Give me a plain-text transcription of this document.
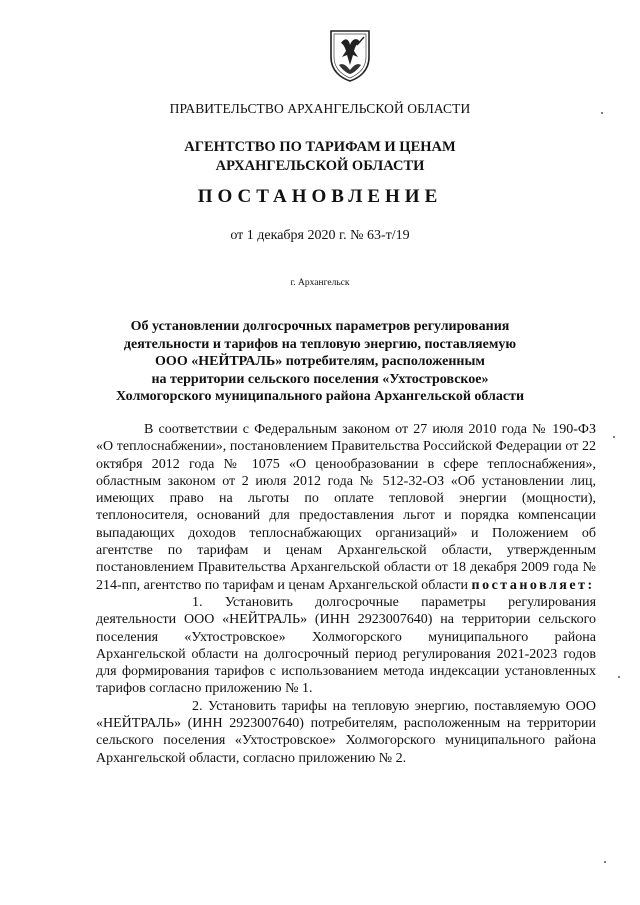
ПРАВИТЕЛЬСТВО АРХАНГЕЛЬСКОЙ ОБЛАСТИ
АГЕНТСТВО ПО ТАРИФАМ И ЦЕНАМ
АРХАНГЕЛЬСКОЙ ОБЛАСТИ
ПОСТАНОВЛЕНИЕ
от 1 декабря 2020 г. № 63-т/19
г. Архангельск
Об установлении долгосрочных параметров регулирования
деятельности и тарифов на тепловую энергию, поставляемую
ООО «НЕЙТРАЛЬ» потребителям, расположенным
на территории сельского поселения «Ухтостровское»
Холмогорского муниципального района Архангельской области

В соответствии с Федеральным законом от 27 июля 2010 года № 190-ФЗ «О теплоснабжении», постановлением Правительства Российской Федерации от 22 октября 2012 года № 1075 «О ценообразовании в сфере теплоснабжения», областным законом от 2 июля 2012 года № 512-32-ОЗ «Об установлении лиц, имеющих право на льготы по оплате тепловой энергии (мощности), теплоносителя, оснований для предоставления льгот и порядка компенсации выпадающих доходов теплоснабжающих организаций» и Положением об агентстве по тарифам и ценам Архангельской области, утвержденным постановлением Правительства Архангельской области от 18 декабря 2009 года № 214-пп, агентство по тарифам и ценам Архангельской области постановляет:

1. Установить долгосрочные параметры регулирования деятельности ООО «НЕЙТРАЛЬ» (ИНН 2923007640) на территории сельского поселения «Ухтостровское» Холмогорского муниципального района Архангельской области на долгосрочный период регулирования 2021-2023 годов для формирования тарифов с использованием метода индексации установленных тарифов согласно приложению № 1.

2. Установить тарифы на тепловую энергию, поставляемую ООО «НЕЙТРАЛЬ» (ИНН 2923007640) потребителям, расположенным на территории сельского поселения «Ухтостровское» Холмогорского муниципального района Архангельской области, согласно приложению № 2.
